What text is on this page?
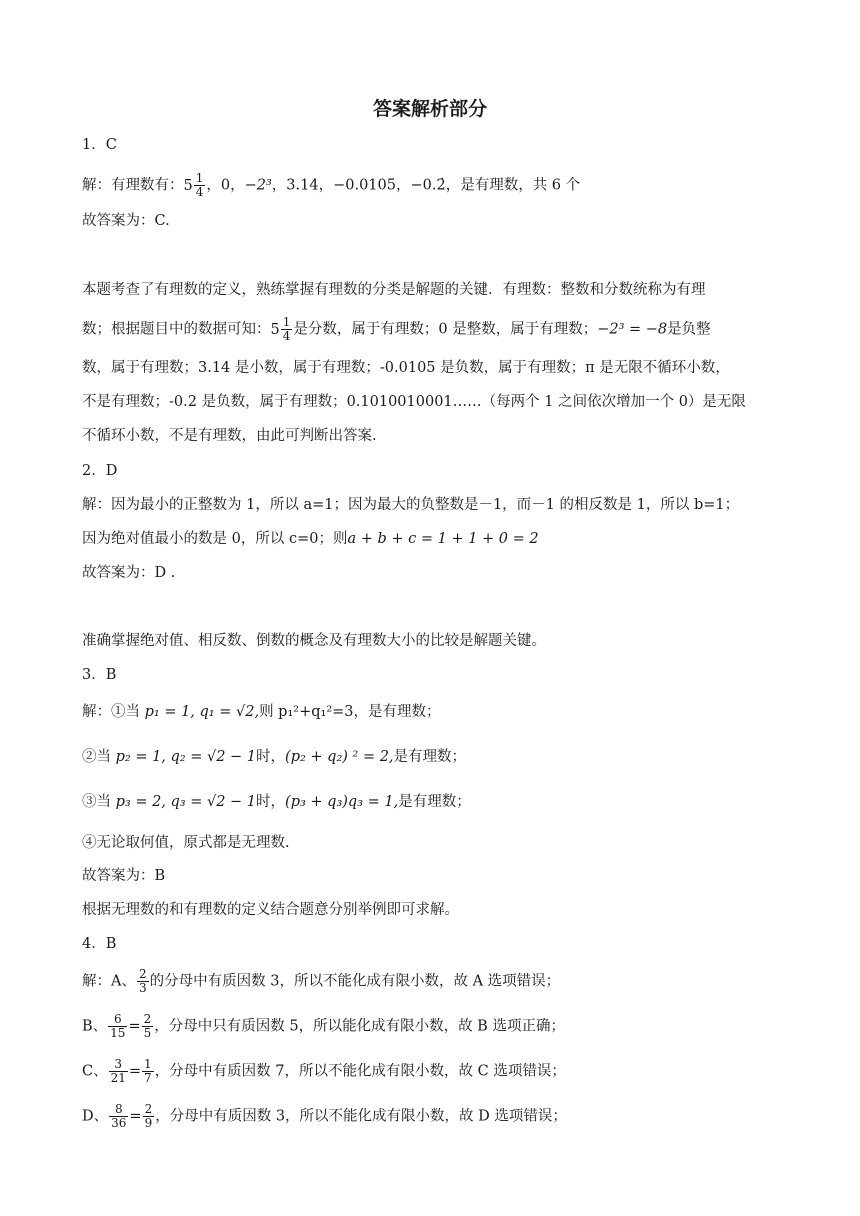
答案解析部分
1．C
解：有理数有：$5 \frac{1}{4}$ ，0，−2³，3.14，−0.0105，−0.2̇，是有理数，共 6 个
故答案为：C.
本题考查了有理数的定义，熟练掌握有理数的分类是解题的关键．有理数：整数和分数统称为有理
数；根据题目中的数据可知：$5 \frac{1}{4}$ 是分数，属于有理数；0 是整数，属于有理数；−2³ = −8是负整
数，属于有理数；3.14 是小数，属于有理数；-0.0105 是负数，属于有理数；π 是无限不循环小数，
不是有理数；-0.2 是负数，属于有理数；0.1010010001……（每两个 1 之间依次增加一个 0）是无限
不循环小数，不是有理数，由此可判断出答案.
2．D
解：因为最小的正整数为 1，所以 a=1；因为最大的负整数是－1，而－1 的相反数是 1，所以 b=1；
因为绝对值最小的数是 0，所以 c=0；则a + b + c = 1 + 1 + 0 = 2
故答案为：D .
准确掌握绝对值、相反数、倒数的概念及有理数大小的比较是解题关键。
3．B
解：①当 p₁ = 1, q₁ = √2,则 p₁²+q₁²=3，是有理数；
②当 p₂ = 1, q₂ = √2 − 1时，(p₂ + q₂) ² = 2,是有理数；
③当 p₃ = 2, q₃ = √2 − 1时，(p₃ + q₃)q₃ = 1,是有理数；
④无论取何值，原式都是无理数.
故答案为：B
根据无理数的和有理数的定义结合题意分别举例即可求解。
4．B
解：A、 $\frac{2}{3}$ 的分母中有质因数 3，所以不能化成有限小数，故 A 选项错误；
B、 $\frac{6}{15} = \frac{2}{5}$ ，分母中只有质因数 5，所以能化成有限小数，故 B 选项正确；
C、 $\frac{3}{21} = \frac{1}{7}$ ，分母中有质因数 7，所以不能化成有限小数，故 C 选项错误；
D、 $\frac{8}{36} = \frac{2}{9}$ ，分母中有质因数 3，所以不能化成有限小数，故 D 选项错误；
